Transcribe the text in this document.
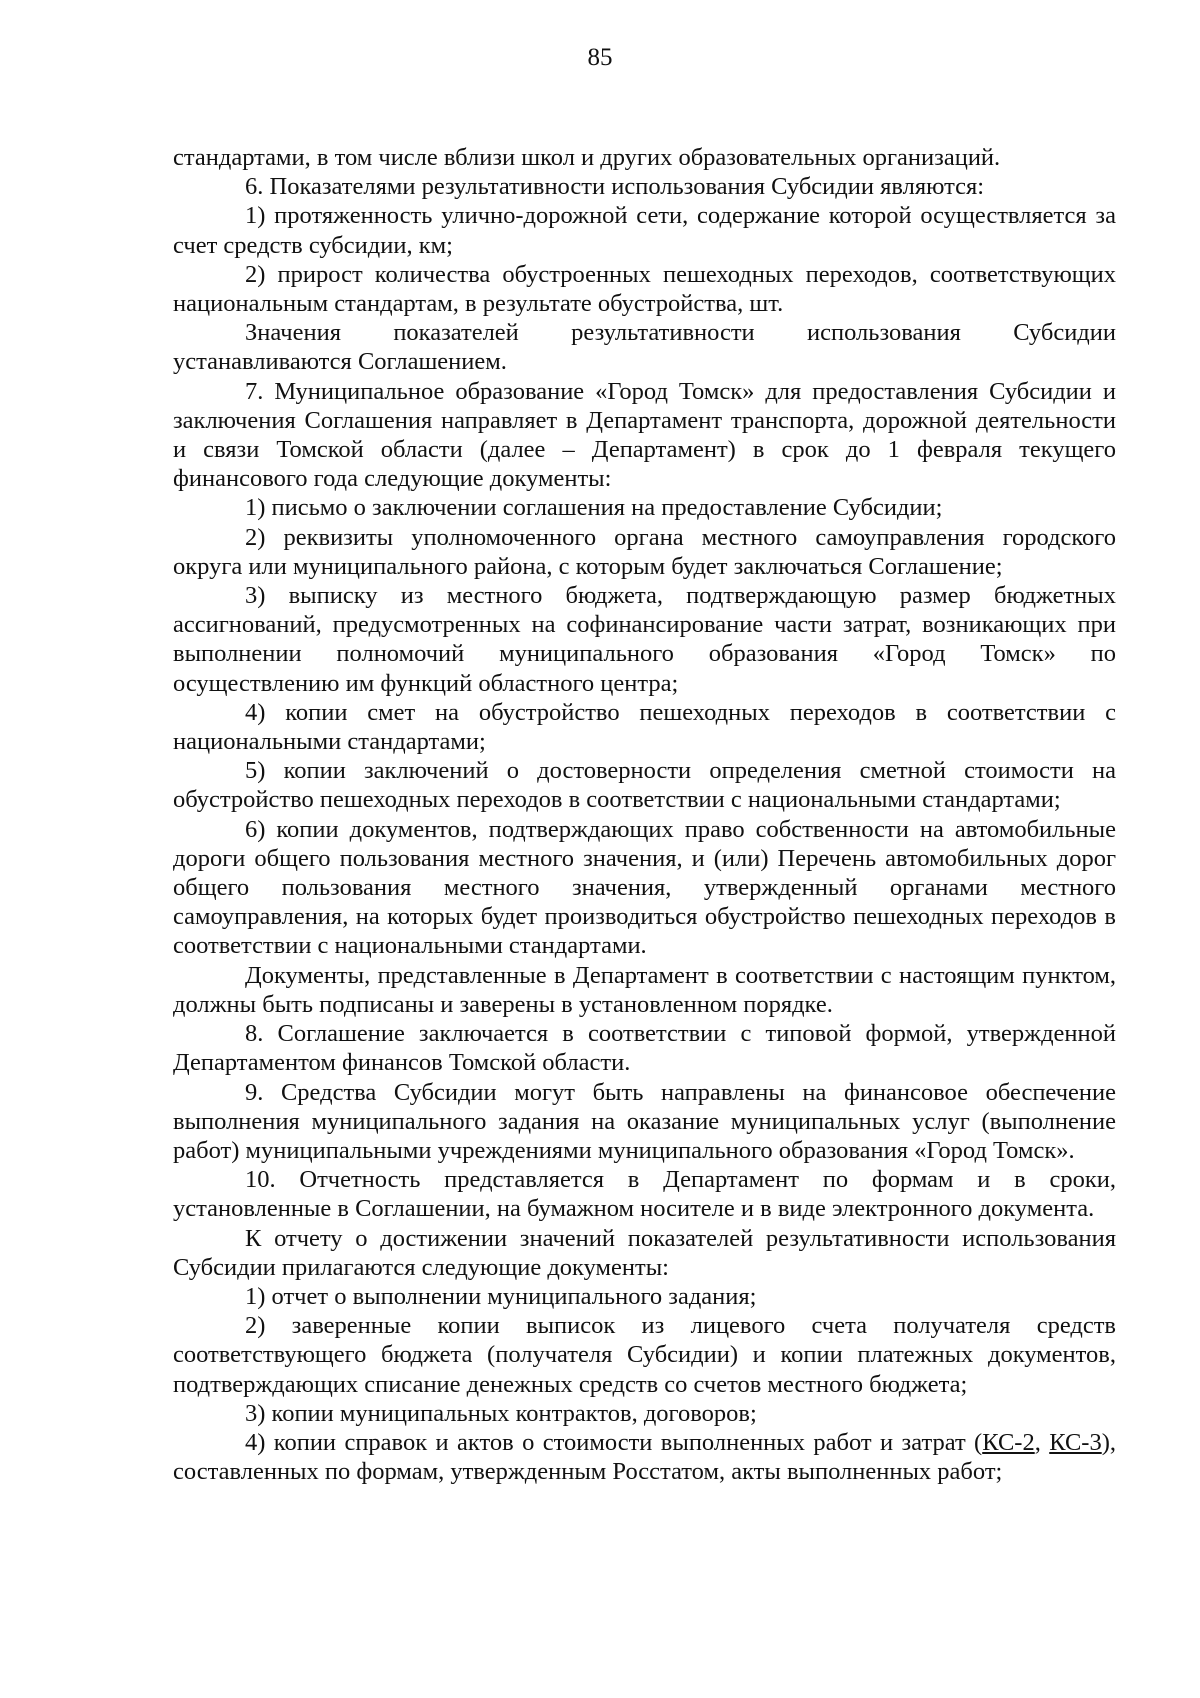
85

стандартами, в том числе вблизи школ и других образовательных организаций.

6. Показателями результативности использования Субсидии являются:

1) протяженность улично-дорожной сети, содержание которой осуществляется за счет средств субсидии, км;

2) прирост количества обустроенных пешеходных переходов, соответствующих национальным стандартам, в результате обустройства, шт.

Значения показателей результативности использования Субсидии устанавливаются Соглашением.

7. Муниципальное образование «Город Томск» для предоставления Субсидии и заключения Соглашения направляет в Департамент транспорта, дорожной деятельности и связи Томской области (далее – Департамент) в срок до 1 февраля текущего финансового года следующие документы:

1) письмо о заключении соглашения на предоставление Субсидии;

2) реквизиты уполномоченного органа местного самоуправления городского округа или муниципального района, с которым будет заключаться Соглашение;

3) выписку из местного бюджета, подтверждающую размер бюджетных ассигнований, предусмотренных на софинансирование части затрат, возникающих при выполнении полномочий муниципального образования «Город Томск» по осуществлению им функций областного центра;

4) копии смет на обустройство пешеходных переходов в соответствии с национальными стандартами;

5) копии заключений о достоверности определения сметной стоимости на обустройство пешеходных переходов в соответствии с национальными стандартами;

6) копии документов, подтверждающих право собственности на автомобильные дороги общего пользования местного значения, и (или) Перечень автомобильных дорог общего пользования местного значения, утвержденный органами местного самоуправления, на которых будет производиться обустройство пешеходных переходов в соответствии с национальными стандартами.

Документы, представленные в Департамент в соответствии с настоящим пунктом, должны быть подписаны и заверены в установленном порядке.

8. Соглашение заключается в соответствии с типовой формой, утвержденной Департаментом финансов Томской области.

9. Средства Субсидии могут быть направлены на финансовое обеспечение выполнения муниципального задания на оказание муниципальных услуг (выполнение работ) муниципальными учреждениями муниципального образования «Город Томск».

10. Отчетность представляется в Департамент по формам и в сроки, установленные в Соглашении, на бумажном носителе и в виде электронного документа.

К отчету о достижении значений показателей результативности использования Субсидии прилагаются следующие документы:

1) отчет о выполнении муниципального задания;

2) заверенные копии выписок из лицевого счета получателя средств соответствующего бюджета (получателя Субсидии) и копии платежных документов, подтверждающих списание денежных средств со счетов местного бюджета;

3) копии муниципальных контрактов, договоров;

4) копии справок и актов о стоимости выполненных работ и затрат (КС-2, КС-3), составленных по формам, утвержденным Росстатом, акты выполненных работ;
